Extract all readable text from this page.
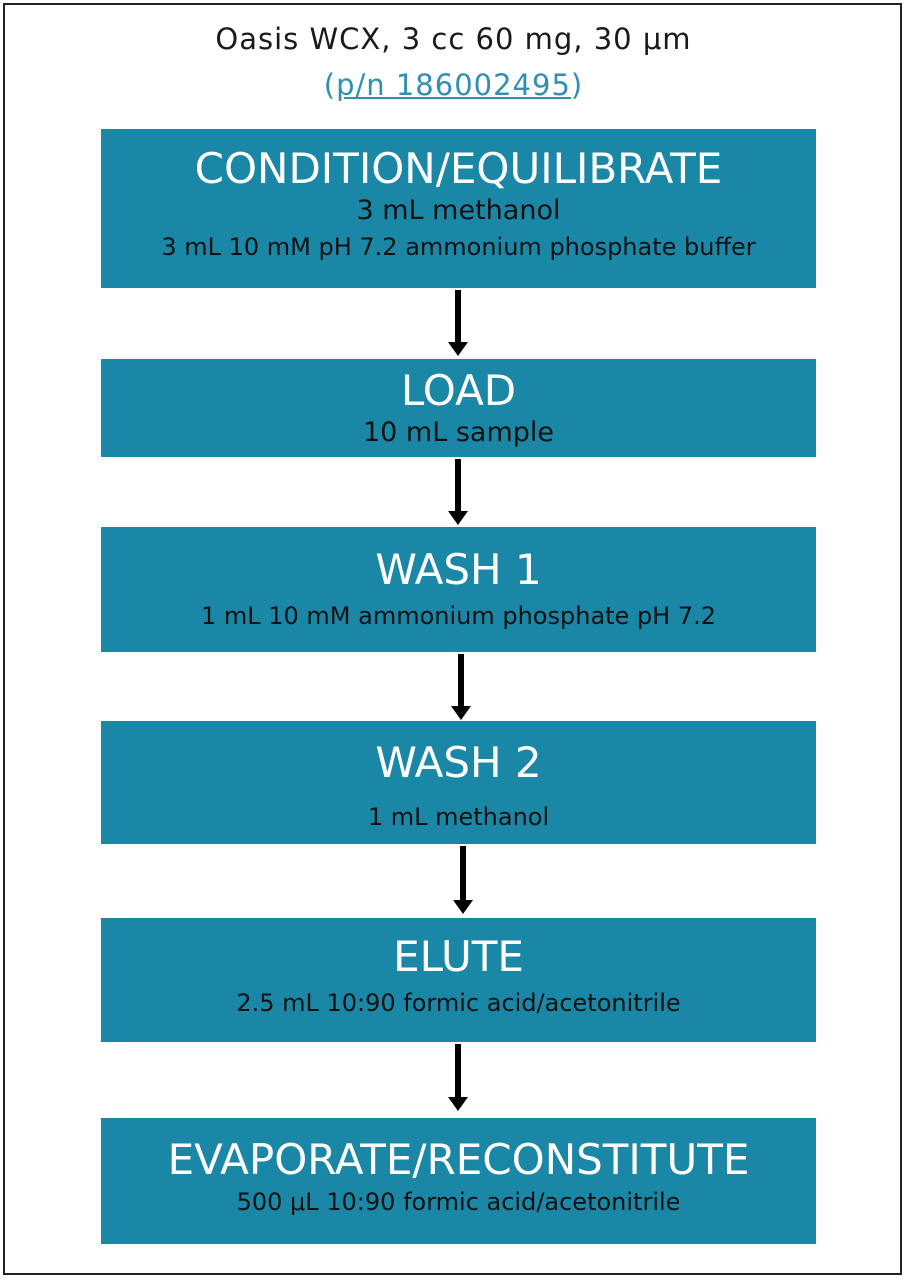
Oasis WCX, 3 cc 60 mg, 30 μm
(p/n 186002495)
CONDITION/EQUILIBRATE
3 mL methanol
3 mL 10 mM pH 7.2 ammonium phosphate buffer
LOAD
10 mL sample
WASH 1
1 mL 10 mM ammonium phosphate pH 7.2
WASH 2
1 mL methanol
ELUTE
2.5 mL 10:90 formic acid/acetonitrile
EVAPORATE/RECONSTITUTE
500 μL 10:90 formic acid/acetonitrile
